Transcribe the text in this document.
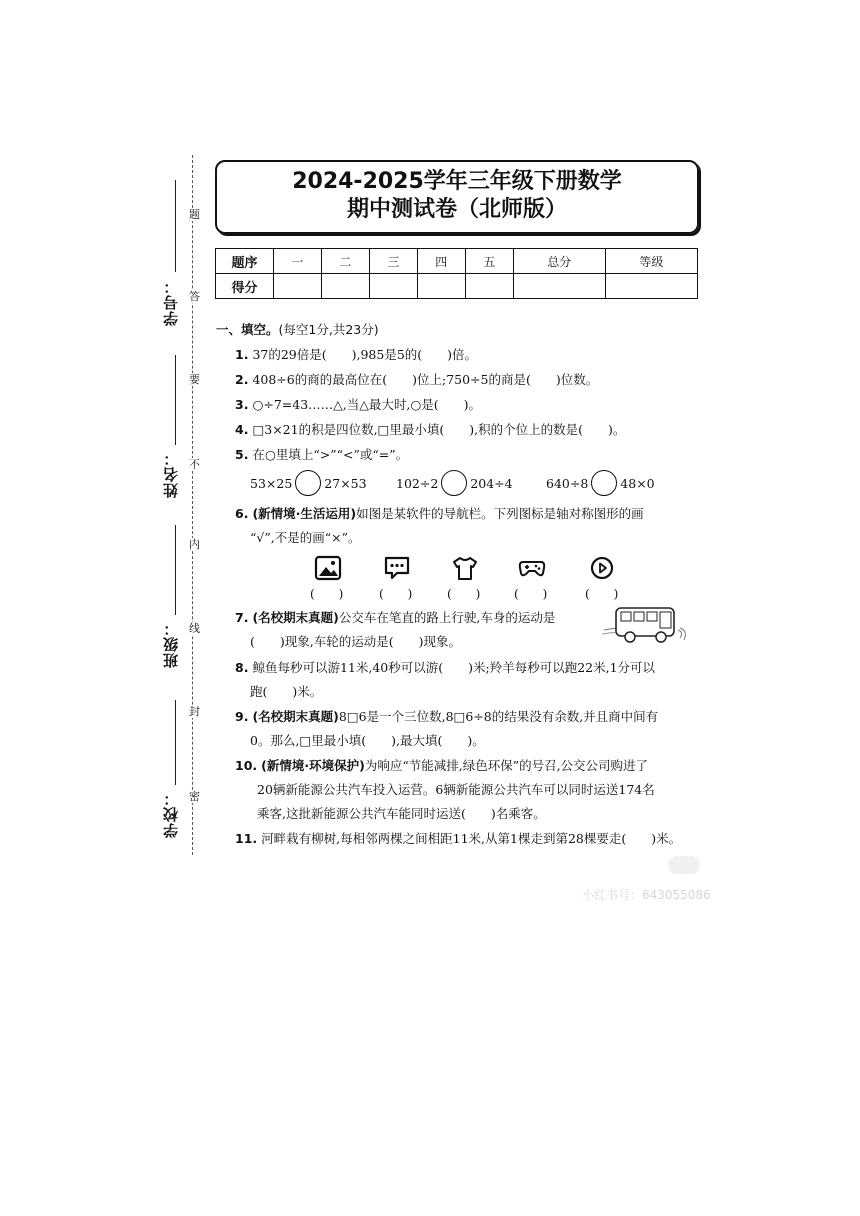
学号：
姓名：
班级：
学校：
题
答
要
不
内
线
封
密
2024-2025学年三年级下册数学
期中测试卷（北师版）
题序	一	二	三	四	五	总分	等级
得分							
一、填空。(每空1分,共23分)
1. 37的29倍是(　　),985是5的(　　)倍。
2. 408÷6的商的最高位在(　　)位上;750÷5的商是(　　)位数。
3. ○÷7=43……△,当△最大时,○是(　　)。
4. □3×21的积是四位数,□里最小填(　　),积的个位上的数是(　　)。
5. 在○里填上“>”“<”或“=”。
53×25	27×53 102÷2	204÷4	640÷8	48×0
6. (新情境·生活运用)如图是某软件的导航栏。下列图标是轴对称图形的画
“√”,不是的画“×”。
(　　)	(　　)	(　　)	(　　)	(　　)
7. (名校期末真题)公交车在笔直的路上行驶,车身的运动是
(　　)现象,车轮的运动是(　　)现象。
8. 鲸鱼每秒可以游11米,40秒可以游(　　)米;羚羊每秒可以跑22米,1分可以
跑(　　)米。
9. (名校期末真题)8□6是一个三位数,8□6÷8的结果没有余数,并且商中间有
0。那么,□里最小填(　　),最大填(　　)。
10. (新情境·环境保护)为响应“节能减排,绿色环保”的号召,公交公司购进了
20辆新能源公共汽车投入运营。6辆新能源公共汽车可以同时运送174名
乘客,这批新能源公共汽车能同时运送(　　)名乘客。
11. 河畔栽有柳树,每相邻两棵之间相距11米,从第1棵走到第28棵要走(　　)米。
小红书号：643055086
